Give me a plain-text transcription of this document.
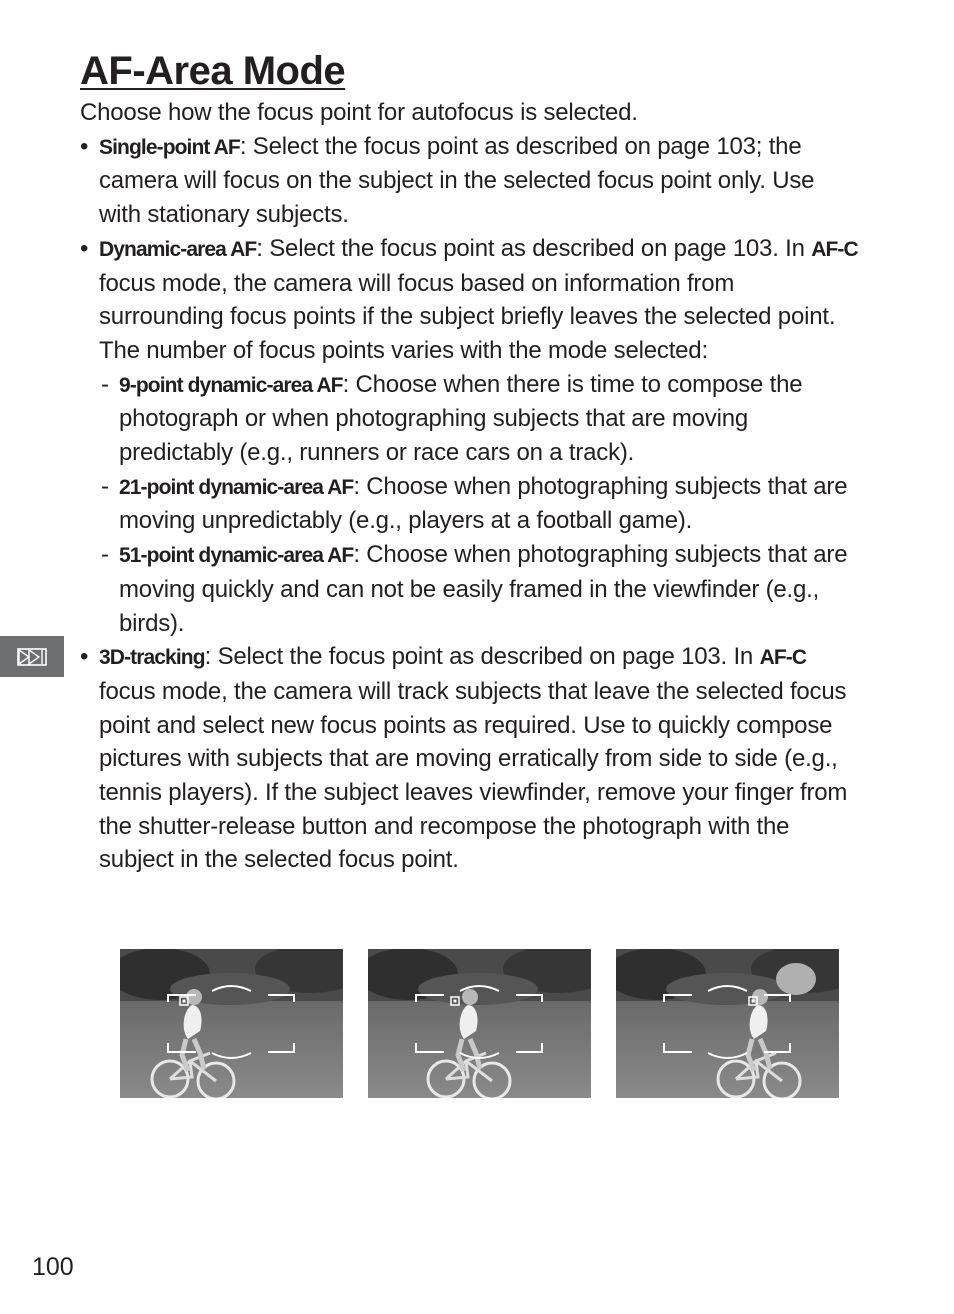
AF-Area Mode

Choose how the focus point for autofocus is selected.

• Single-point AF: Select the focus point as described on page 103; the camera will focus on the subject in the selected focus point only. Use with stationary subjects.
• Dynamic-area AF: Select the focus point as described on page 103. In AF-C focus mode, the camera will focus based on information from surrounding focus points if the subject briefly leaves the selected point. The number of focus points varies with the mode selected:
- 9-point dynamic-area AF: Choose when there is time to compose the photograph or when photographing subjects that are moving predictably (e.g., runners or race cars on a track).
- 21-point dynamic-area AF: Choose when photographing subjects that are moving unpredictably (e.g., players at a football game).
- 51-point dynamic-area AF: Choose when photographing subjects that are moving quickly and can not be easily framed in the viewfinder (e.g., birds).
• 3D-tracking: Select the focus point as described on page 103. In AF-C focus mode, the camera will track subjects that leave the selected focus point and select new focus points as required. Use to quickly compose pictures with subjects that are moving erratically from side to side (e.g., tennis players). If the subject leaves viewfinder, remove your finger from the shutter-release button and recompose the photograph with the subject in the selected focus point.
100
